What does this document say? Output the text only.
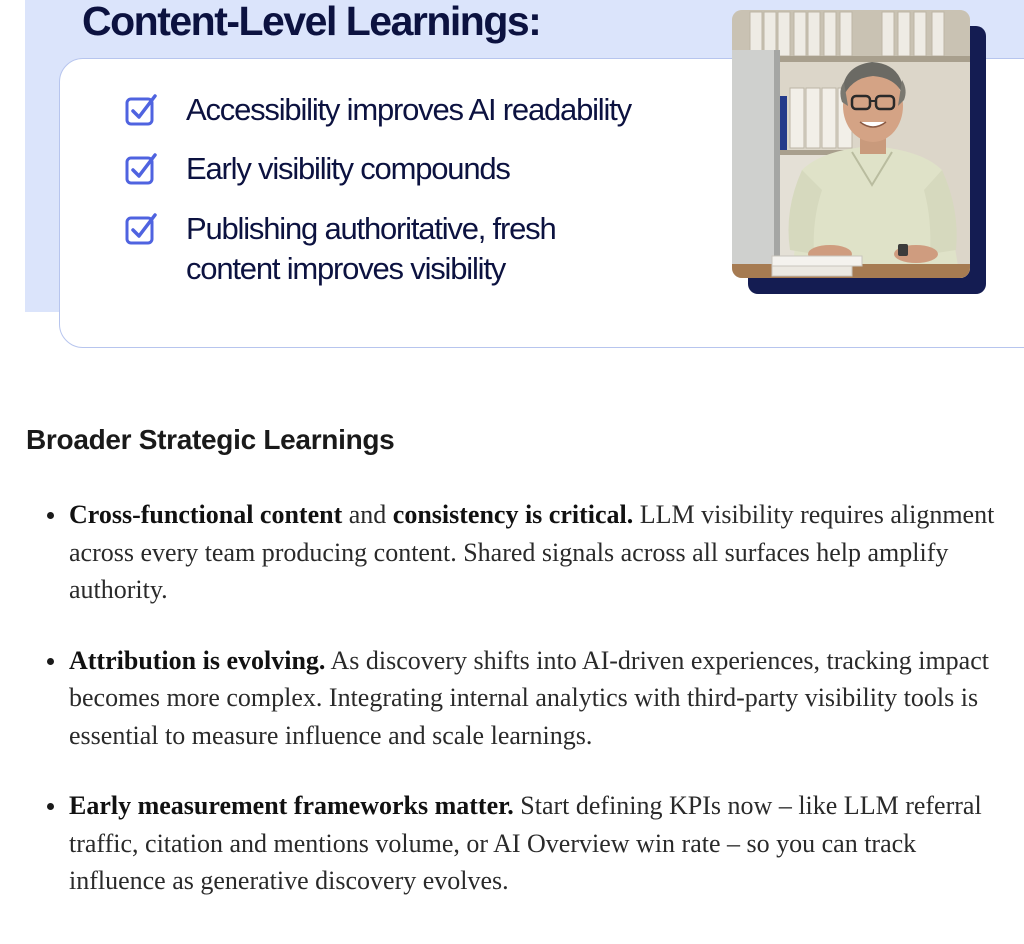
Content-Level Learnings:
Accessibility improves AI readability
Early visibility compounds
Publishing authoritative, fresh
content improves visibility
Broader Strategic Learnings
Cross-functional content and consistency is critical. LLM visibility requires alignment across every team producing content. Shared signals across all surfaces help amplify authority.
Attribution is evolving. As discovery shifts into AI-driven experiences, tracking impact becomes more complex. Integrating internal analytics with third-party visibility tools is essential to measure influence and scale learnings.
Early measurement frameworks matter. Start defining KPIs now – like LLM referral traffic, citation and mentions volume, or AI Overview win rate – so you can track influence as generative discovery evolves.
